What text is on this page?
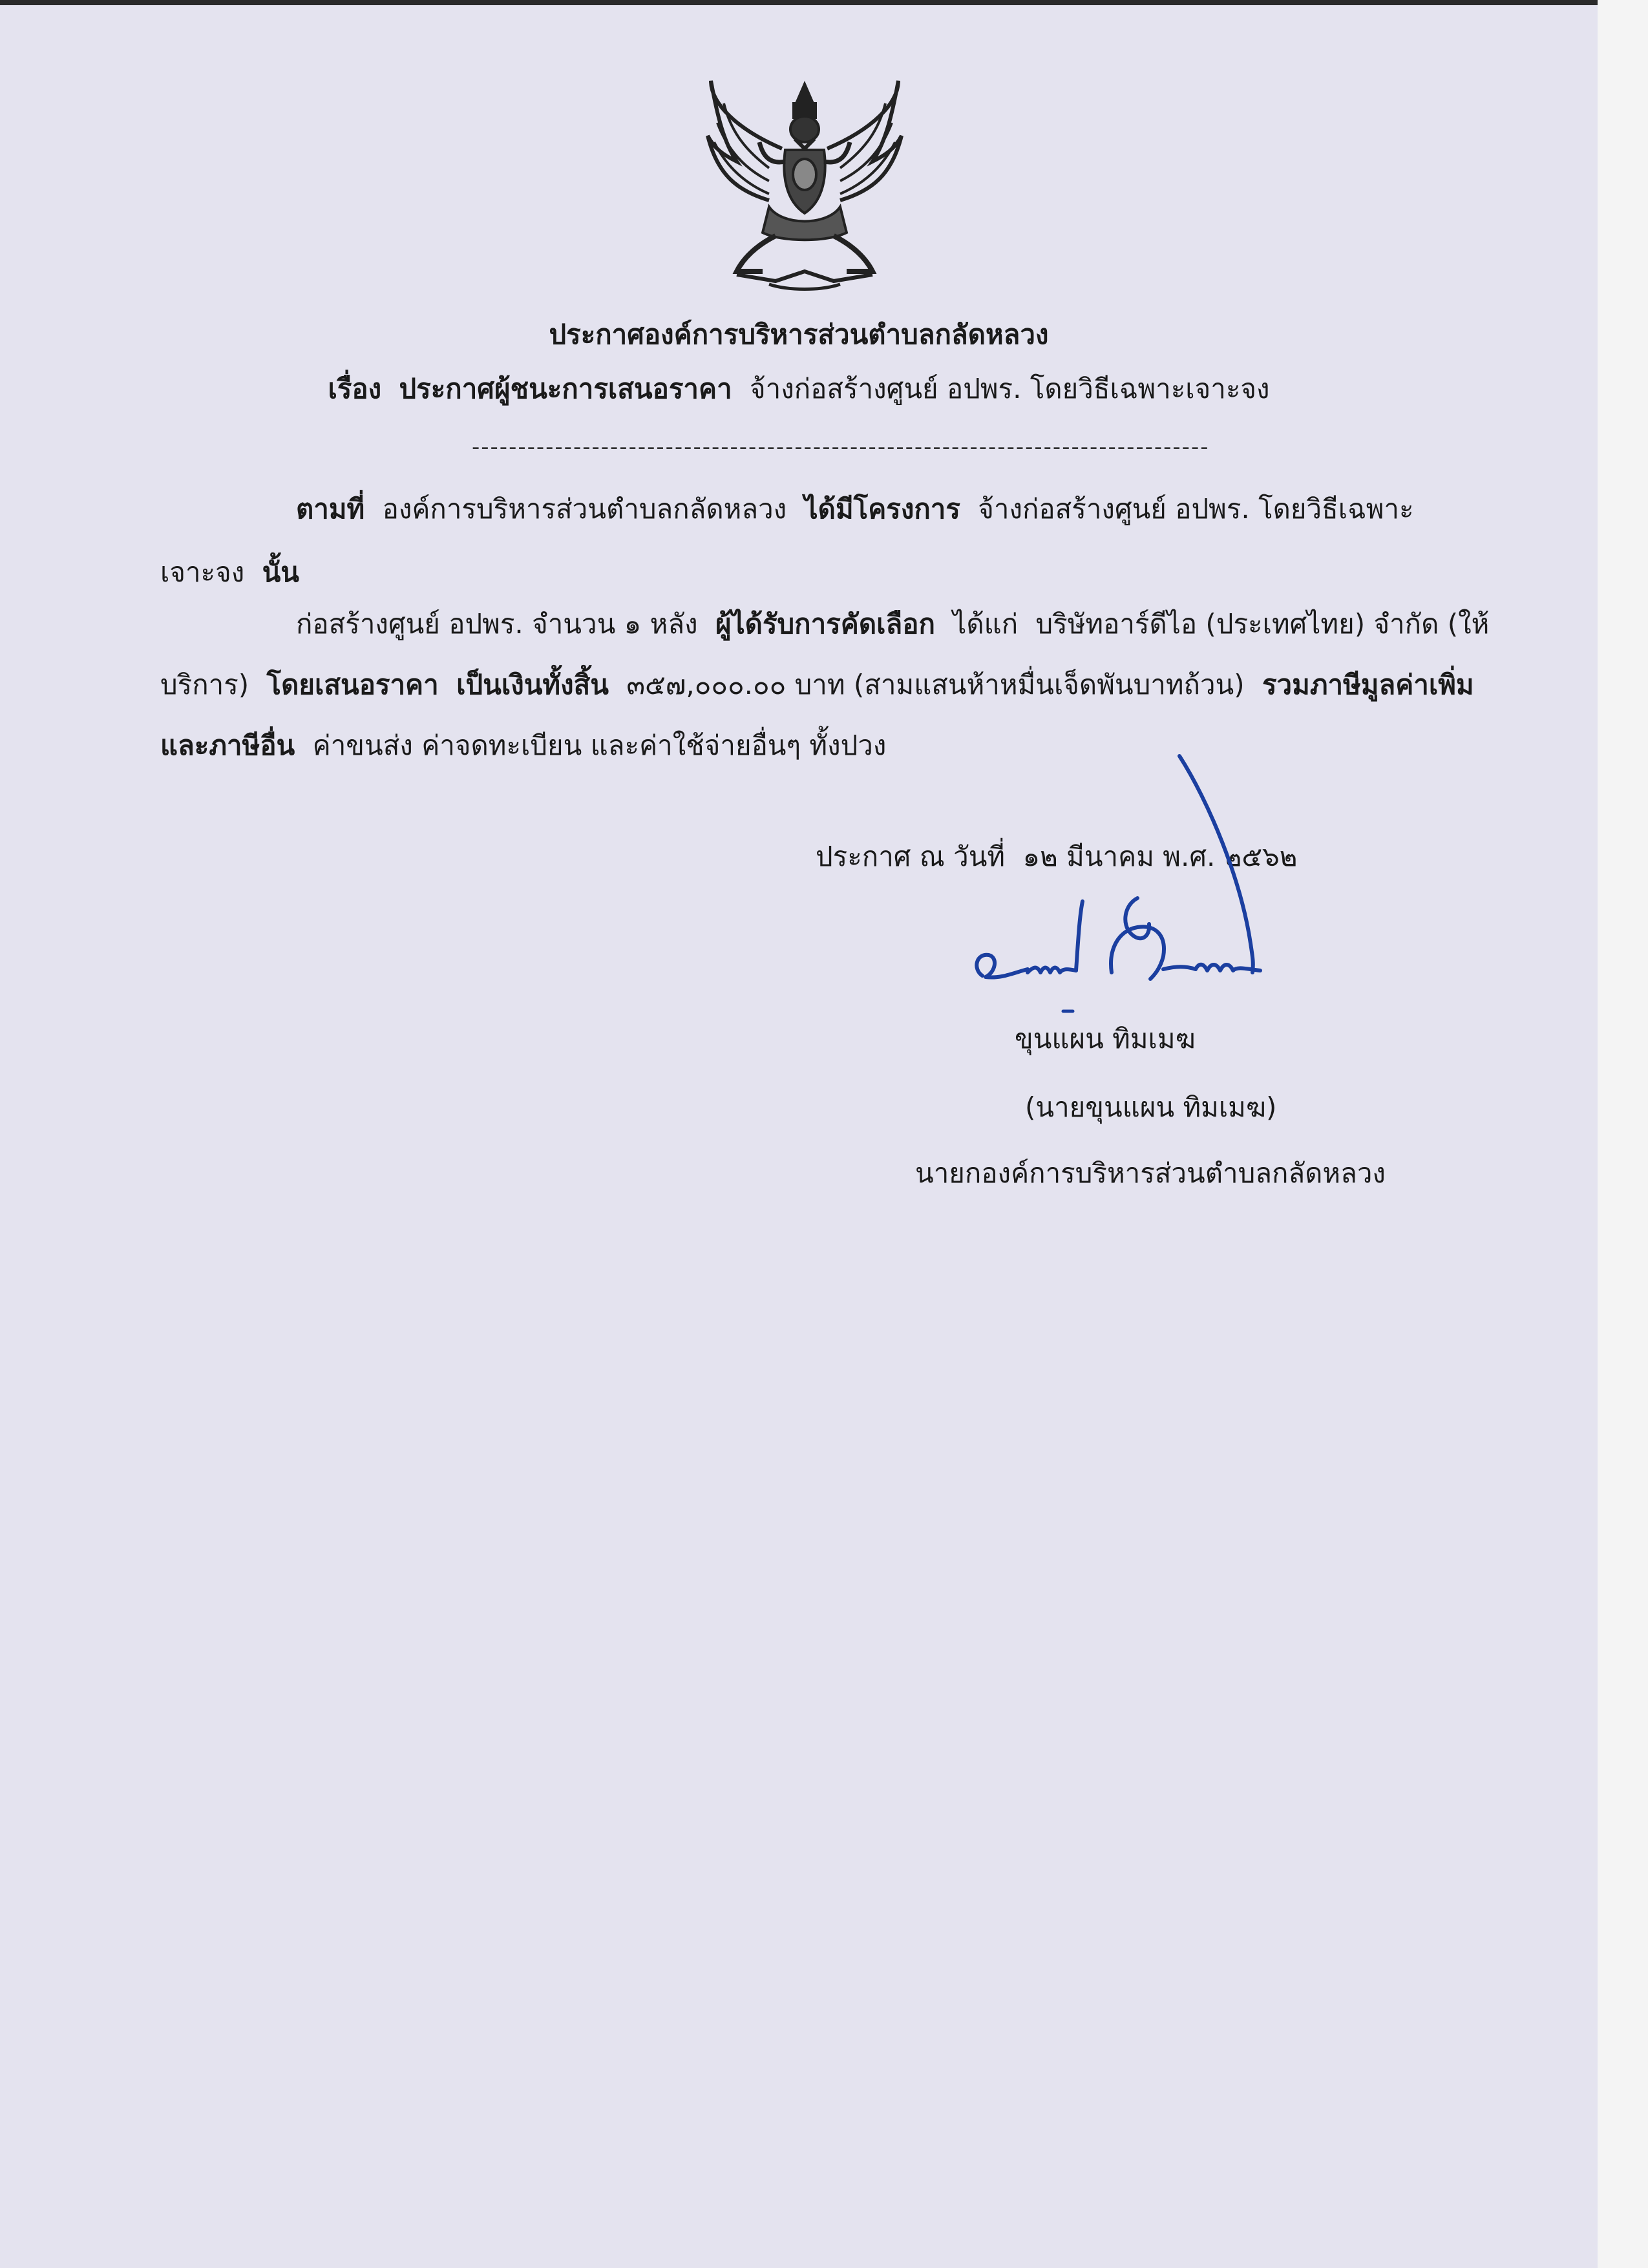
ประกาศองค์การบริหารส่วนตำบลกลัดหลวง
เรื่อง ประกาศผู้ชนะการเสนอราคา จ้างก่อสร้างศูนย์ อปพร. โดยวิธีเฉพาะเจาะจง
--------------------------------------------------------------------------------
ตามที่ องค์การบริหารส่วนตำบลกลัดหลวง ได้มีโครงการ จ้างก่อสร้างศูนย์ อปพร. โดยวิธีเฉพาะ
เจาะจง นั้น
ก่อสร้างศูนย์ อปพร. จำนวน ๑ หลัง ผู้ได้รับการคัดเลือก ได้แก่ บริษัทอาร์ดีไอ (ประเทศไทย) จำกัด (ให้
บริการ) โดยเสนอราคา เป็นเงินทั้งสิ้น ๓๕๗,๐๐๐.๐๐ บาท (สามแสนห้าหมื่นเจ็ดพันบาทถ้วน) รวมภาษีมูลค่าเพิ่ม
และภาษีอื่น ค่าขนส่ง ค่าจดทะเบียน และค่าใช้จ่ายอื่นๆ ทั้งปวง
ประกาศ ณ วันที่ ๑๒ มีนาคม พ.ศ. ๒๕๖๒
ขุนแผน ทิมเมฆ
(นายขุนแผน ทิมเมฆ)
นายกองค์การบริหารส่วนตำบลกลัดหลวง
